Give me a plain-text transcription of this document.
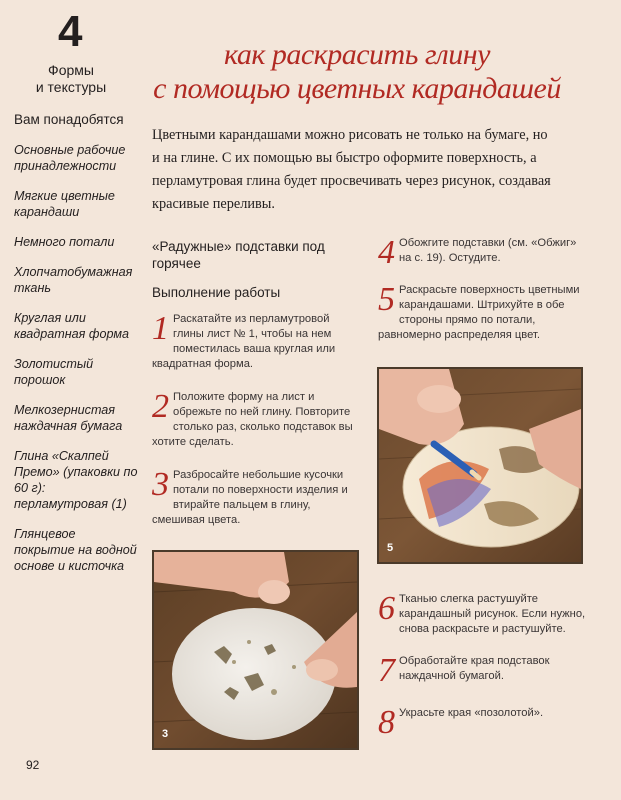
4
Формы
и текстуры
Вам понадобятся
Основные рабочие принадлежности
Мягкие цветные карандаши
Немного потали
Хлопчатобумажная ткань
Круглая или квадратная форма
Золотистый порошок
Мелкозернистая наждачная бумага
Глина «Скалпей Премо» (упаковки по 60 г): перламутровая (1)
Глянцевое покрытие на водной основе и кисточка
92
как раскрасить глину
с помощью цветных карандашей

Цветными карандашами можно рисовать не только на бумаге, но и на глине. С их помощью вы быстро оформите поверхность, а перламутровая глина будет просвечивать через рисунок, создавая красивые переливы.

«Радужные» подставки под горячее
Выполнение работы
1 Раскатайте из перламутровой глины лист № 1, чтобы на нем поместилась ваша круглая или квадратная форма.
2 Положите форму на лист и обрежьте по ней глину. Повторите столько раз, сколько подставок вы хотите сделать.
3 Разбросайте небольшие кусочки потали по поверхности изделия и втирайте пальцем в глину, смешивая цвета.
4 Обожгите подставки (см. «Обжиг» на с. 19). Остудите.
5 Раскрасьте поверхность цветными карандашами. Штрихуйте в обе стороны прямо по потали, равномерно распределяя цвет.
6 Тканью слегка растушуйте карандашный рисунок. Если нужно, снова раскрасьте и растушуйте.
7 Обработайте края подставок наждачной бумагой.
8 Украсьте края «позолотой».
5
3
